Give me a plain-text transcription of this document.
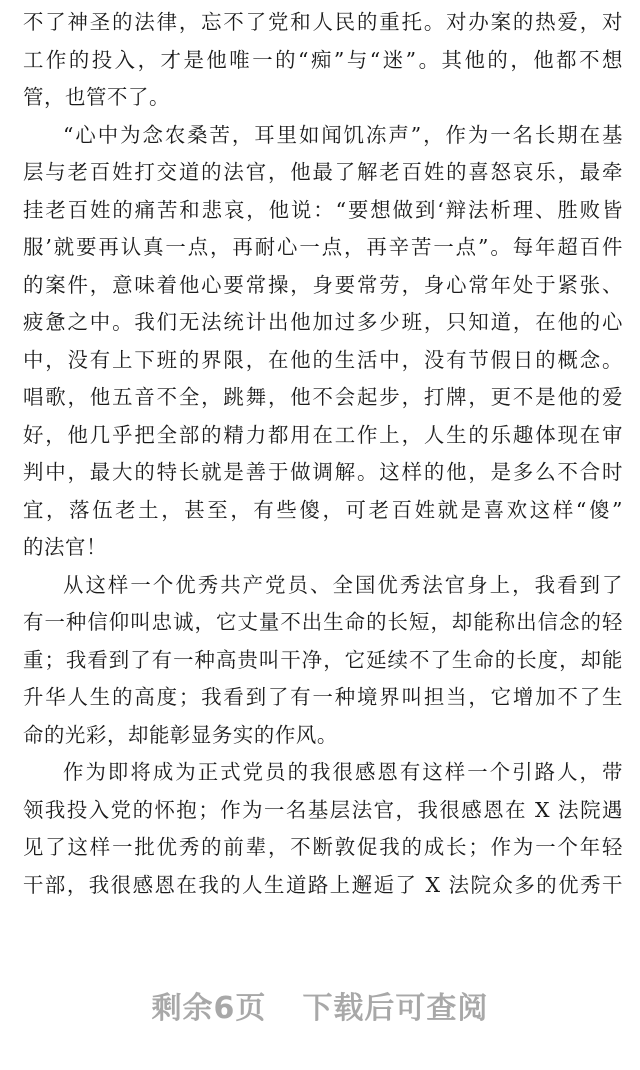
不了神圣的法律，忘不了党和人民的重托。对办案的热爱，对
工作的投入，才是他唯一的“痴”与“迷”。其他的，他都不想
管，也管不了。
“心中为念农桑苦，耳里如闻饥冻声”，作为一名长期在基
层与老百姓打交道的法官，他最了解老百姓的喜怒哀乐，最牵
挂老百姓的痛苦和悲哀，他说：“要想做到‘辩法析理、胜败皆
服’就要再认真一点，再耐心一点，再辛苦一点”。每年超百件
的案件，意味着他心要常操，身要常劳，身心常年处于紧张、
疲惫之中。我们无法统计出他加过多少班，只知道，在他的心
中，没有上下班的界限，在他的生活中，没有节假日的概念。
唱歌，他五音不全，跳舞，他不会起步，打牌，更不是他的爱
好，他几乎把全部的精力都用在工作上，人生的乐趣体现在审
判中，最大的特长就是善于做调解。这样的他，是多么不合时
宜，落伍老土，甚至，有些傻，可老百姓就是喜欢这样“傻”
的法官！
从这样一个优秀共产党员、全国优秀法官身上，我看到了
有一种信仰叫忠诚，它丈量不出生命的长短，却能称出信念的轻
重；我看到了有一种高贵叫干净，它延续不了生命的长度，却能
升华人生的高度；我看到了有一种境界叫担当，它增加不了生
命的光彩，却能彰显务实的作风。
作为即将成为正式党员的我很感恩有这样一个引路人，带
领我投入党的怀抱；作为一名基层法官，我很感恩在 X 法院遇
见了这样一批优秀的前辈，不断敦促我的成长；作为一个年轻
干部，我很感恩在我的人生道路上邂逅了 X 法院众多的优秀干
剩余6页 下载后可查阅
